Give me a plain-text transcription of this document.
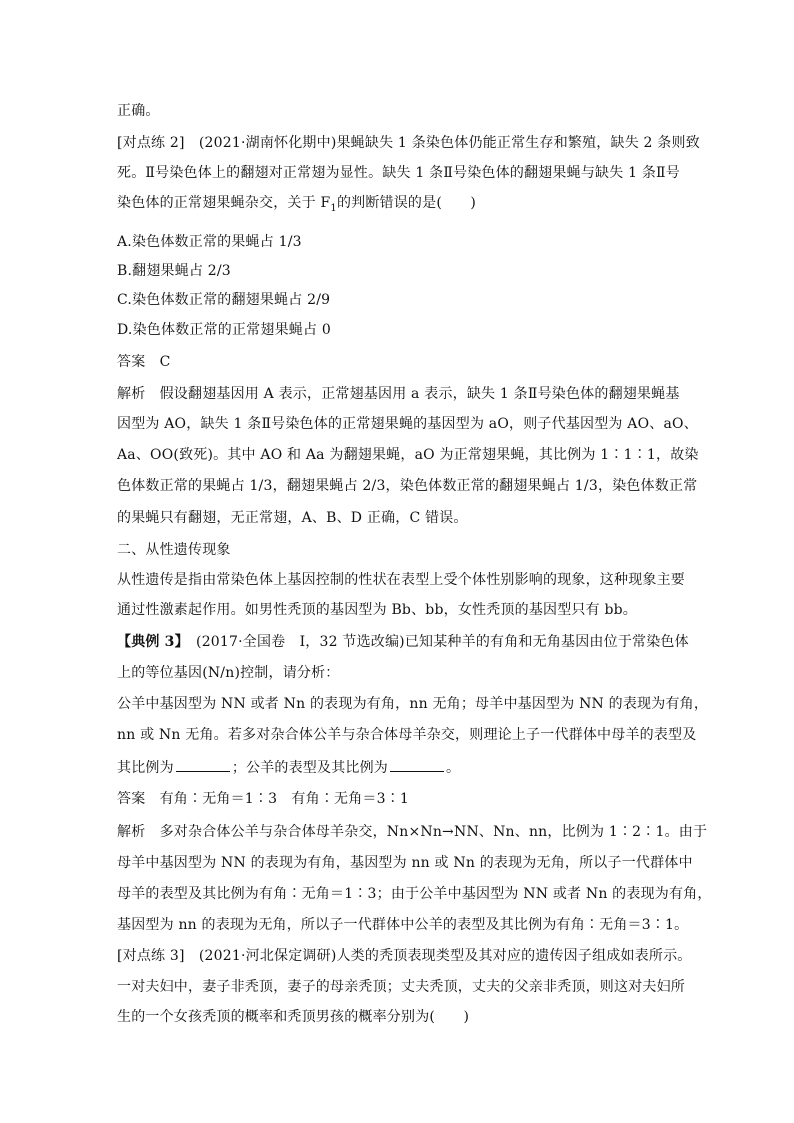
正确。
[对点练 2]　(2021·湖南怀化期中)果蝇缺失 1 条染色体仍能正常生存和繁殖，缺失 2 条则致
死。Ⅱ号染色体上的翻翅对正常翅为显性。缺失 1 条Ⅱ号染色体的翻翅果蝇与缺失 1 条Ⅱ号
染色体的正常翅果蝇杂交，关于 $F_1$的判断错误的是(　　)
A.染色体数正常的果蝇占 1/3
B.翻翅果蝇占 2/3
C.染色体数正常的翻翅果蝇占 2/9
D.染色体数正常的正常翅果蝇占 0
答案　C
解析　假设翻翅基因用 A 表示，正常翅基因用 a 表示，缺失 1 条Ⅱ号染色体的翻翅果蝇基
因型为 AO，缺失 1 条Ⅱ号染色体的正常翅果蝇的基因型为 aO，则子代基因型为 AO、aO、
Aa、OO(致死)。其中 AO 和 Aa 为翻翅果蝇，aO 为正常翅果蝇，其比例为 1∶1∶1，故染
色体数正常的果蝇占 1/3，翻翅果蝇占 2/3，染色体数正常的翻翅果蝇占 1/3，染色体数正常
的果蝇只有翻翅，无正常翅，A、B、D 正确，C 错误。
二、从性遗传现象
从性遗传是指由常染色体上基因控制的性状在表型上受个体性别影响的现象，这种现象主要
通过性激素起作用。如男性秃顶的基因型为 Bb、bb，女性秃顶的基因型只有 bb。
【典例 3】　(2017·全国卷　Ⅰ，32 节选改编)已知某种羊的有角和无角基因由位于常染色体
上的等位基因(N/n)控制，请分析：
公羊中基因型为 NN 或者 Nn 的表现为有角，nn 无角；母羊中基因型为 NN 的表现为有角，
nn 或 Nn 无角。若多对杂合体公羊与杂合体母羊杂交，则理论上子一代群体中母羊的表型及
其比例为	；公羊的表型及其比例为	。
答案　有角∶无角＝1∶3　有角∶无角＝3∶1
解析　多对杂合体公羊与杂合体母羊杂交，Nn×Nn→NN、Nn、nn，比例为 1∶2∶1。由于
母羊中基因型为 NN 的表现为有角，基因型为 nn 或 Nn 的表现为无角，所以子一代群体中
母羊的表型及其比例为有角∶无角＝1∶3；由于公羊中基因型为 NN 或者 Nn 的表现为有角，
基因型为 nn 的表现为无角，所以子一代群体中公羊的表型及其比例为有角∶无角＝3∶1。
[对点练 3]　(2021·河北保定调研)人类的秃顶表现类型及其对应的遗传因子组成如表所示。
一对夫妇中，妻子非秃顶，妻子的母亲秃顶；丈夫秃顶，丈夫的父亲非秃顶，则这对夫妇所
生的一个女孩秃顶的概率和秃顶男孩的概率分别为(　　)
